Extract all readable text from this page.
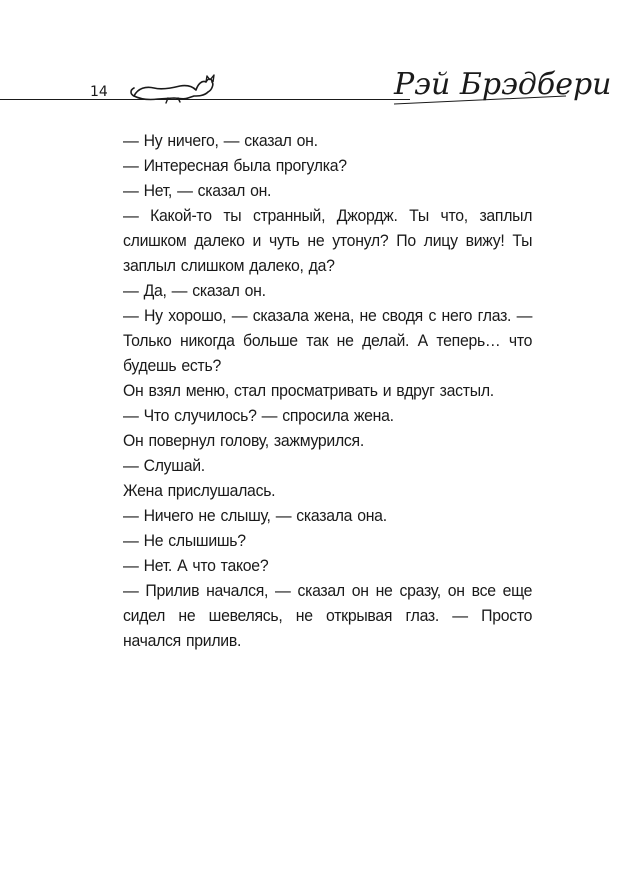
14	Рэй Брэдбери

— Ну ничего, — сказал он.

— Интересная была прогулка?

— Нет, — сказал он.

— Какой-то ты странный, Джордж. Ты что, заплыл слишком далеко и чуть не утонул? По лицу вижу! Ты заплыл слишком далеко, да?

— Да, — сказал он.

— Ну хорошо, — сказала жена, не сводя с него глаз. — Только никогда больше так не делай. А теперь… что будешь есть?

Он взял меню, стал просматривать и вдруг застыл.

— Что случилось? — спросила жена.

Он повернул голову, зажмурился.

— Слушай.

Жена прислушалась.

— Ничего не слышу, — сказала она.

— Не слышишь?

— Нет. А что такое?

— Прилив начался, — сказал он не сразу, он все еще сидел не шевелясь, не открывая глаз. — Просто начался прилив.
